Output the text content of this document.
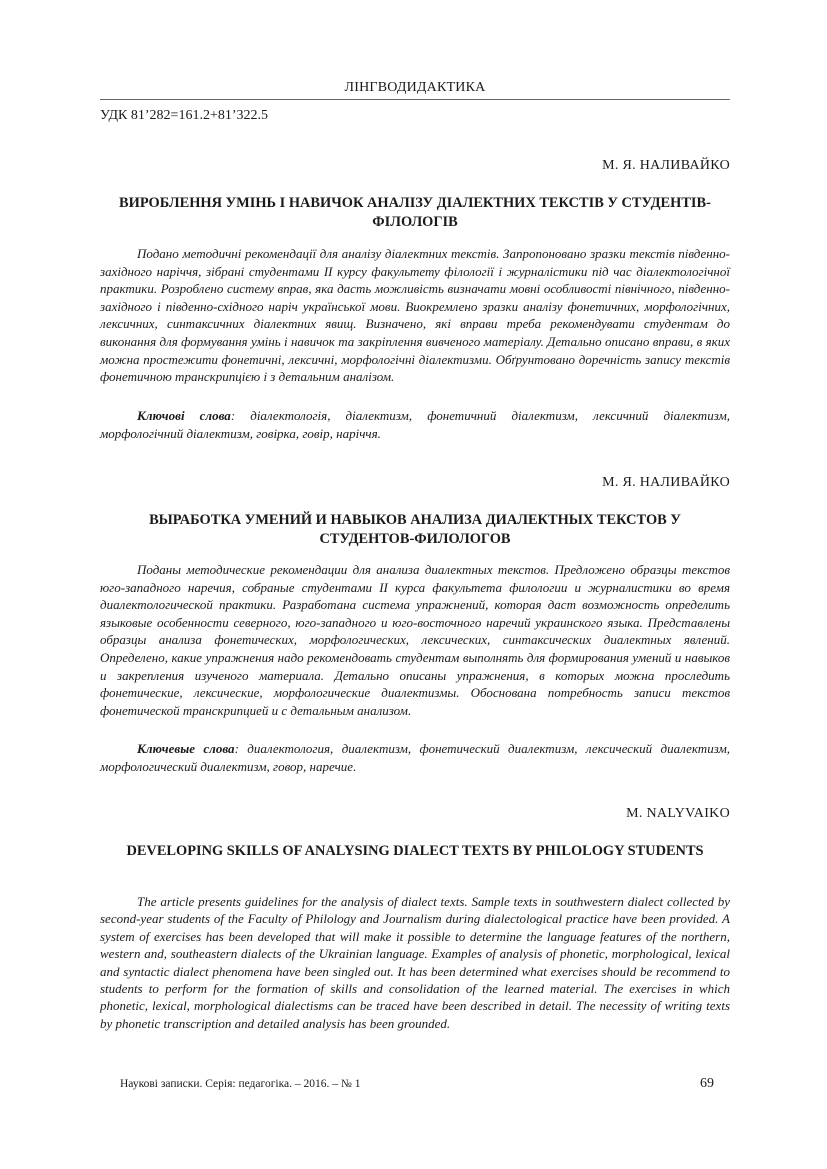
ЛІНГВОДИДАКТИКА
УДК 81’282=161.2+81’322.5
М. Я. НАЛИВАЙКО
ВИРОБЛЕННЯ УМІНЬ І НАВИЧОК АНАЛІЗУ ДІАЛЕКТНИХ ТЕКСТІВ У СТУДЕНТІВ-ФІЛОЛОГІВ
Подано методичні рекомендації для аналізу діалектних текстів. Запропоновано зразки текстів південно-західного наріччя, зібрані студентами ІІ курсу факультету філології і журналістики під час діалектологічної практики. Розроблено систему вправ, яка дасть можливість визначати мовні особливості північного, південно-західного і південно-східного наріч української мови. Виокремлено зразки аналізу фонетичних, морфологічних, лексичних, синтаксичних діалектних явищ. Визначено, які вправи треба рекомендувати студентам до виконання для формування умінь і навичок та закріплення вивченого матеріалу. Детально описано вправи, в яких можна простежити фонетичні, лексичні, морфологічні діалектизми. Обґрунтовано доречність запису текстів фонетичною транскрипцією і з детальним аналізом.
Ключові слова: діалектологія, діалектизм, фонетичний діалектизм, лексичний діалектизм, морфологічний діалектизм, говірка, говір, наріччя.
М. Я. НАЛИВАЙКО
ВЫРАБОТКА УМЕНИЙ И НАВЫКОВ АНАЛИЗА ДИАЛЕКТНЫХ ТЕКСТОВ У СТУДЕНТОВ-ФИЛОЛОГОВ
Поданы методические рекомендации для анализа диалектных текстов. Предложено образцы текстов юго-западного наречия, собраные студентами ІІ курса факультета филологии и журналистики во время диалектологической практики. Разработана система упражнений, которая даст возможность определить языковые особенности северного, юго-западного и юго-восточного наречий украинского языка. Представлены образцы анализа фонетических, морфологических, лексических, синтаксических диалектных явлений. Определено, какие упражнения надо рекомендовать студентам выполнять для формирования умений и навыков и закрепления изученого материала. Детально описаны упражнения, в которых можна проследить фонетические, лексические, морфологические диалектизмы. Обоснована потребность записи текстов фонетической транскрипцией и с детальным анализом.
Ключевые слова: диалектология, диалектизм, фонетический диалектизм, лексический диалектизм, морфологический диалектизм, говор, наречие.
M. NALYVAIKO
DEVELOPING SKILLS OF ANALYSING DIALECT TEXTS BY PHILOLOGY STUDENTS
The article presents guidelines for the analysis of dialect texts. Sample texts in southwestern dialect collected by second-year students of the Faculty of Philology and Journalism during dialectological practice have been provided. A system of exercises has been developed that will make it possible to determine the language features of the northern, western and, southeastern dialects of the Ukrainian language. Examples of analysis of phonetic, morphological, lexical and syntactic dialect phenomena have been singled out. It has been determined what exercises should be recommend to students to perform for the formation of skills and consolidation of the learned material. The exercises in which phonetic, lexical, morphological dialectisms can be traced have been described in detail. The necessity of writing texts by phonetic transcription and detailed analysis has been grounded.
Наукові записки. Серія: педагогіка. – 2016. – № 1	69
